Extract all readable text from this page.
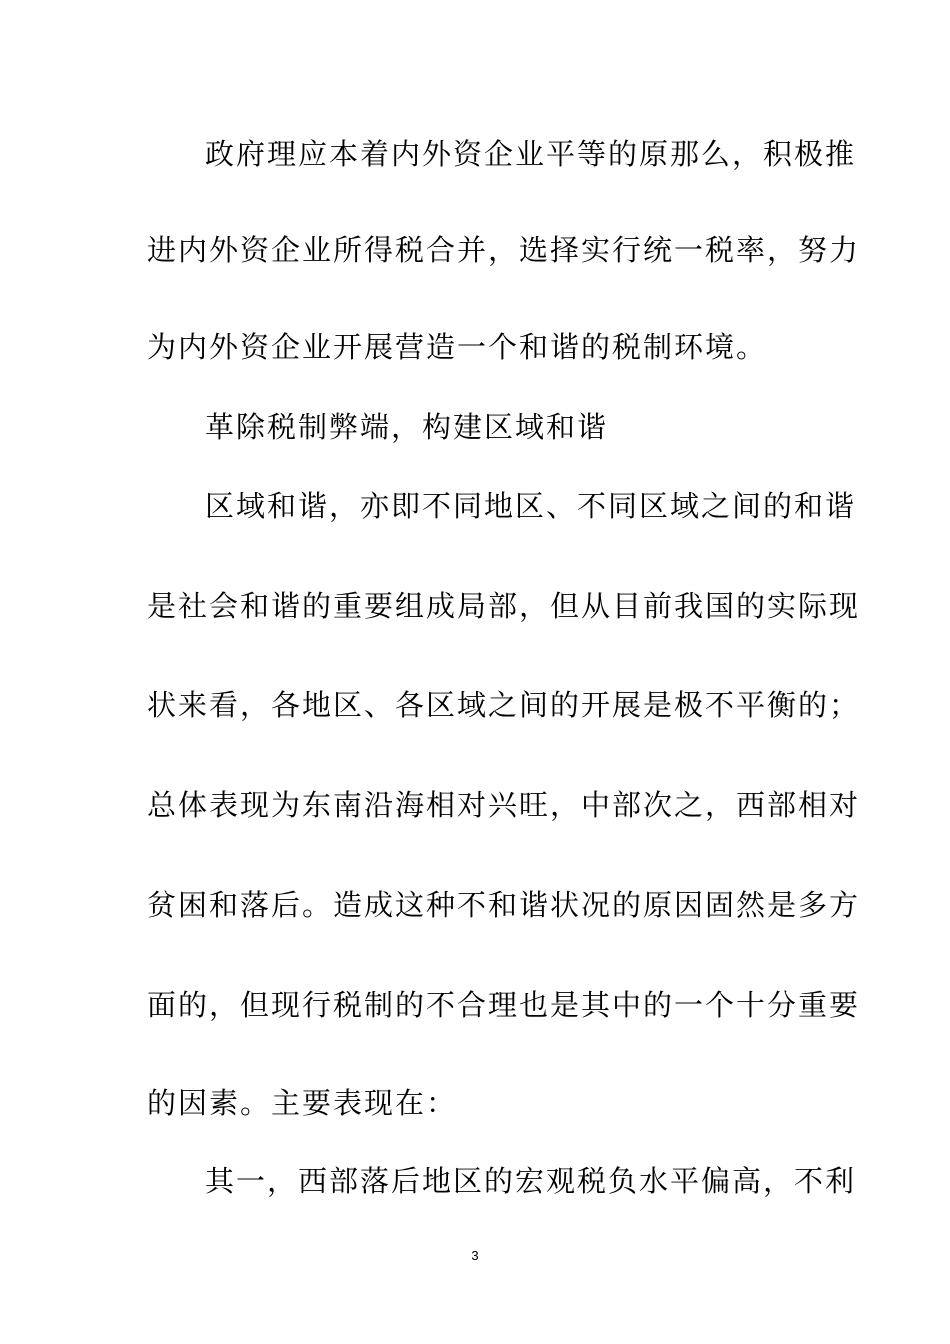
政府理应本着内外资企业平等的原那么，积极推
进内外资企业所得税合并，选择实行统一税率，努力
为内外资企业开展营造一个和谐的税制环境。
革除税制弊端，构建区域和谐
区域和谐，亦即不同地区、不同区域之间的和谐
是社会和谐的重要组成局部，但从目前我国的实际现
状来看，各地区、各区域之间的开展是极不平衡的；
总体表现为东南沿海相对兴旺，中部次之，西部相对
贫困和落后。造成这种不和谐状况的原因固然是多方
面的，但现行税制的不合理也是其中的一个十分重要
的因素。主要表现在：
其一，西部落后地区的宏观税负水平偏高，不利
3
